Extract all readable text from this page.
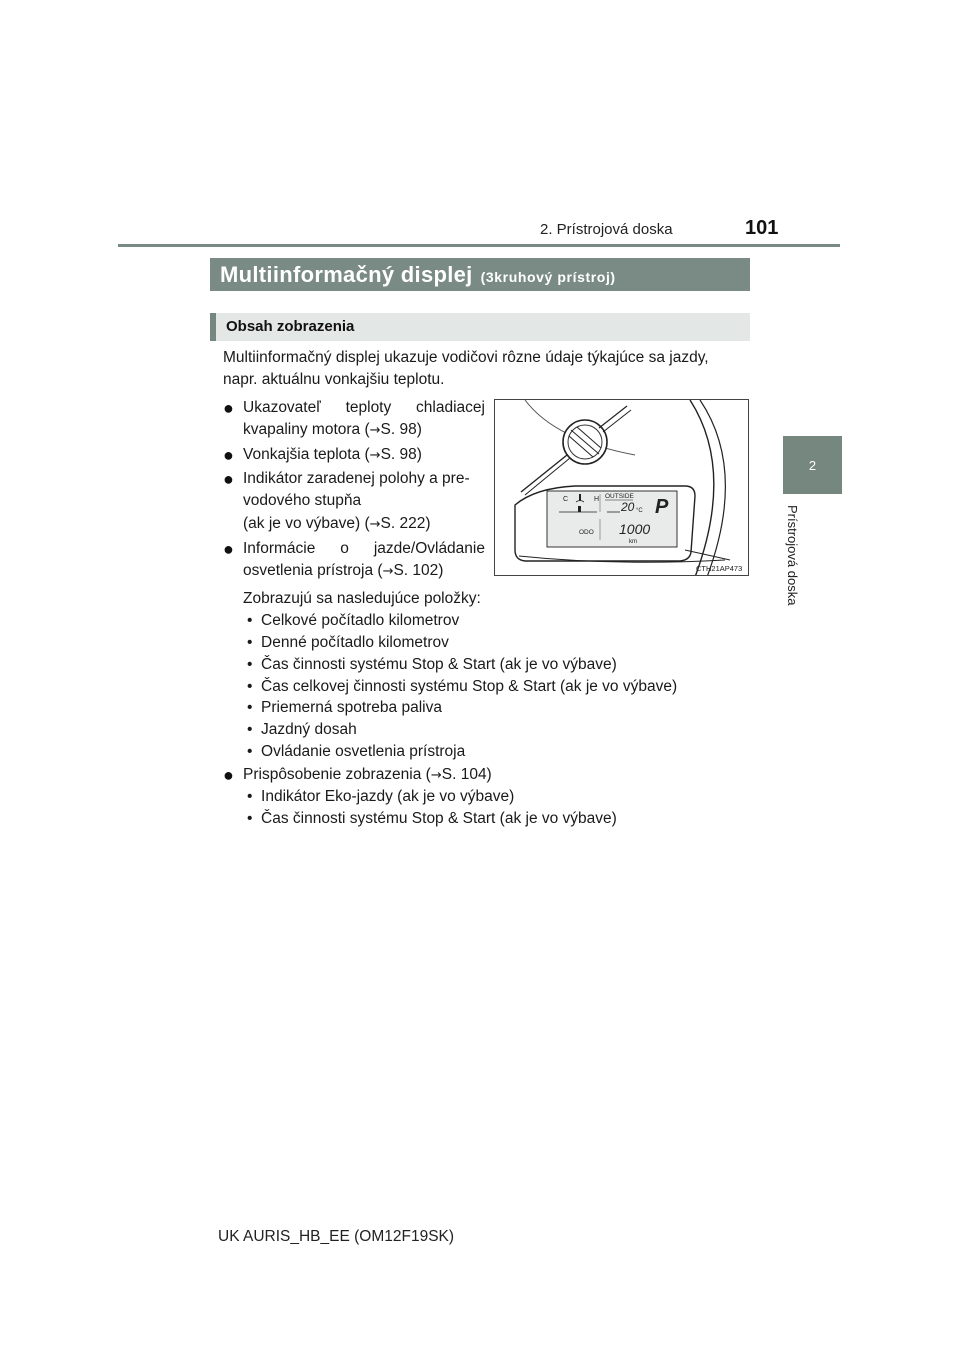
2. Prístrojová doska	101
2
Prístrojová doska
Multiinformačný displej (3kruhový prístroj)
Obsah zobrazenia
Multiinformačný displej ukazuje vodičovi rôzne údaje týkajúce sa jazdy,
napr. aktuálnu vonkajšiu teplotu.
● Ukazovateľ teploty chladiacej
kvapaliny motora (→S. 98)
● Vonkajšia teplota (→S. 98)
● Indikátor zaradenej polohy a pre-
vodového stupňa
(ak je vo výbave) (→S. 222)
● Informácie o jazde/Ovládanie
osvetlenia prístroja (→S. 102)
Zobrazujú sa nasledujúce položky:
•  Celkové počítadlo kilometrov
•  Denné počítadlo kilometrov
•  Čas činnosti systému Stop & Start (ak je vo výbave)
•  Čas celkovej činnosti systému Stop & Start (ak je vo výbave)
•  Priemerná spotreba paliva
•  Jazdný dosah
•  Ovládanie osvetlenia prístroja
● Prispôsobenie zobrazenia (→S. 104)
•  Indikátor Eko-jazdy (ak je vo výbave)
•  Čas činnosti systému Stop & Start (ak je vo výbave)
C	H OUTSIDE
20 °C P
ODO 1000
km
CTH21AP473
UK AURIS_HB_EE (OM12F19SK)
